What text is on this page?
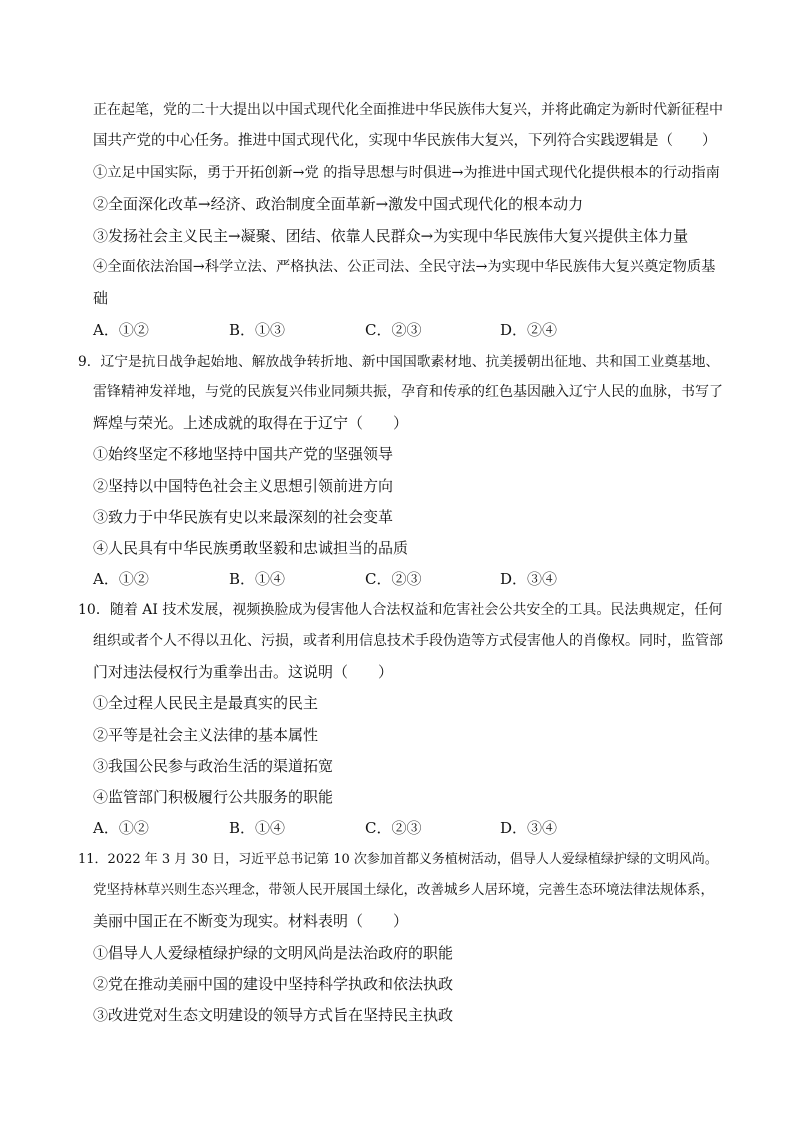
正在起笔，党的二十大提出以中国式现代化全面推进中华民族伟大复兴，并将此确定为新时代新征程中
国共产党的中心任务。推进中国式现代化，实现中华民族伟大复兴，下列符合实践逻辑是（　　）
①立足中国实际，勇于开拓创新→党 的指导思想与时俱进→为推进中国式现代化提供根本的行动指南
②全面深化改革→经济、政治制度全面革新→激发中国式现代化的根本动力
③发扬社会主义民主→凝聚、团结、依靠人民群众→为实现中华民族伟大复兴提供主体力量
④全面依法治国→科学立法、严格执法、公正司法、全民守法→为实现中华民族伟大复兴奠定物质基
础
A．①②	B．①③	C．②③	D．②④
9．辽宁是抗日战争起始地、解放战争转折地、新中国国歌素材地、抗美援朝出征地、共和国工业奠基地、
雷锋精神发祥地，与党的民族复兴伟业同频共振，孕育和传承的红色基因融入辽宁人民的血脉，书写了
辉煌与荣光。上述成就的取得在于辽宁（　　）
①始终坚定不移地坚持中国共产党的坚强领导
②坚持以中国特色社会主义思想引领前进方向
③致力于中华民族有史以来最深刻的社会变革
④人民具有中华民族勇敢坚毅和忠诚担当的品质
A．①②	B．①④	C．②③	D．③④
10．随着 AI 技术发展，视频换脸成为侵害他人合法权益和危害社会公共安全的工具。民法典规定，任何
组织或者个人不得以丑化、污损，或者利用信息技术手段伪造等方式侵害他人的肖像权。同时，监管部
门对违法侵权行为重拳出击。这说明（　　）
①全过程人民民主是最真实的民主
②平等是社会主义法律的基本属性
③我国公民参与政治生活的渠道拓宽
④监管部门积极履行公共服务的职能
A．①②	B．①④	C．②③	D．③④
11．2022 年 3 月 30 日，习近平总书记第 10 次参加首都义务植树活动，倡导人人爱绿植绿护绿的文明风尚。
党坚持林草兴则生态兴理念，带领人民开展国土绿化，改善城乡人居环境，完善生态环境法律法规体系，
美丽中国正在不断变为现实。材料表明（　　）
①倡导人人爱绿植绿护绿的文明风尚是法治政府的职能
②党在推动美丽中国的建设中坚持科学执政和依法执政
③改进党对生态文明建设的领导方式旨在坚持民主执政
